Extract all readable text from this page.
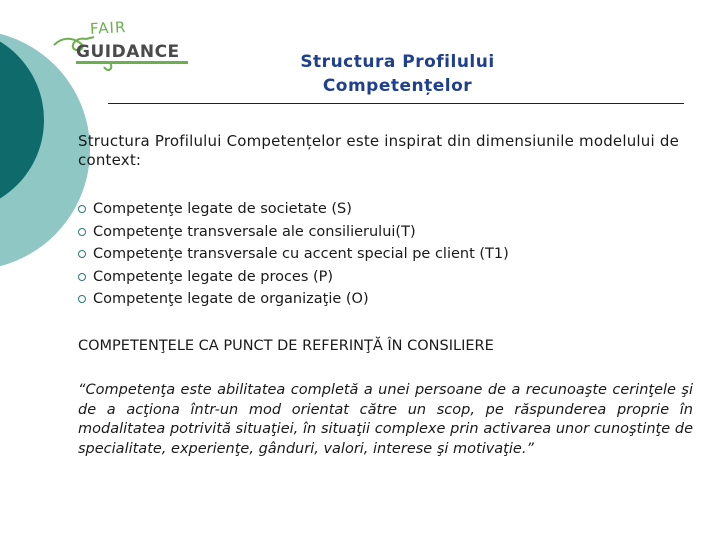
FAIR
GUIDANCE	Structura Profilului
Competențelor
Structura Profilului Competențelor este inspirat din dimensiunile modelului de context:
Competenţe legate de societate (S)
Competenţe transversale ale consilierului(T)
Competenţe transversale cu accent special pe client (T1)
Competenţe legate de proces (P)
Competenţe legate de organizaţie (O)
COMPETENŢELE CA PUNCT DE REFERINŢĂ ÎN CONSILIERE
“Competenţa este abilitatea completă a unei persoane de a recunoaşte cerinţele şi de a acţiona într-un mod orientat către un scop, pe răspunderea proprie în modalitatea potrivită situaţiei, în situaţii complexe prin activarea unor cunoştinţe de specialitate, experienţe, gânduri, valori, interese şi motivaţie.”
